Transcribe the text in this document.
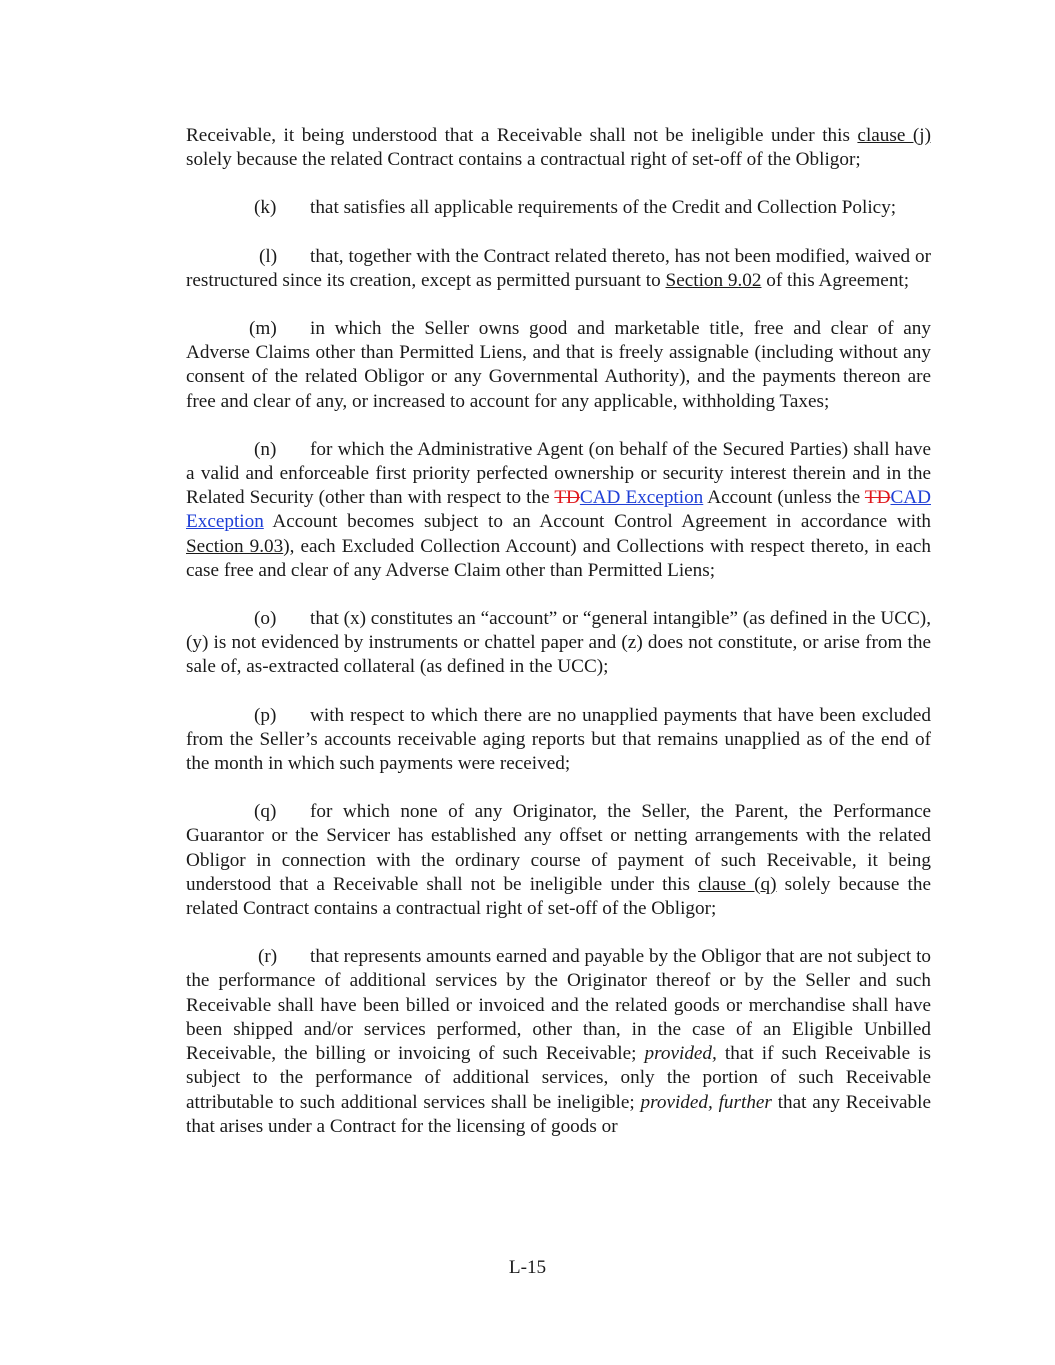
Receivable, it being understood that a Receivable shall not be ineligible under this clause (j) solely because the related Contract contains a contractual right of set-off of the Obligor;

(k) that satisfies all applicable requirements of the Credit and Collection Policy;

(l) that, together with the Contract related thereto, has not been modified, waived or restructured since its creation, except as permitted pursuant to Section 9.02 of this Agreement;

(m) in which the Seller owns good and marketable title, free and clear of any Adverse Claims other than Permitted Liens, and that is freely assignable (including without any consent of the related Obligor or any Governmental Authority), and the payments thereon are free and clear of any, or increased to account for any applicable, withholding Taxes;

(n) for which the Administrative Agent (on behalf of the Secured Parties) shall have a valid and enforceable first priority perfected ownership or security interest therein and in the Related Security (other than with respect to the TDCAD Exception Account (unless the TDCAD Exception Account becomes subject to an Account Control Agreement in accordance with Section 9.03), each Excluded Collection Account) and Collections with respect thereto, in each case free and clear of any Adverse Claim other than Permitted Liens;

(o) that (x) constitutes an “account” or “general intangible” (as defined in the UCC), (y) is not evidenced by instruments or chattel paper and (z) does not constitute, or arise from the sale of, as-extracted collateral (as defined in the UCC);

(p) with respect to which there are no unapplied payments that have been excluded from the Seller’s accounts receivable aging reports but that remains unapplied as of the end of the month in which such payments were received;

(q) for which none of any Originator, the Seller, the Parent, the Performance Guarantor or the Servicer has established any offset or netting arrangements with the related Obligor in connection with the ordinary course of payment of such Receivable, it being understood that a Receivable shall not be ineligible under this clause (q) solely because the related Contract contains a contractual right of set-off of the Obligor;

(r) that represents amounts earned and payable by the Obligor that are not subject to the performance of additional services by the Originator thereof or by the Seller and such Receivable shall have been billed or invoiced and the related goods or merchandise shall have been shipped and/or services performed, other than, in the case of an Eligible Unbilled Receivable, the billing or invoicing of such Receivable; provided, that if such Receivable is subject to the performance of additional services, only the portion of such Receivable attributable to such additional services shall be ineligible; provided, further that any Receivable that arises under a Contract for the licensing of goods or

L-15
